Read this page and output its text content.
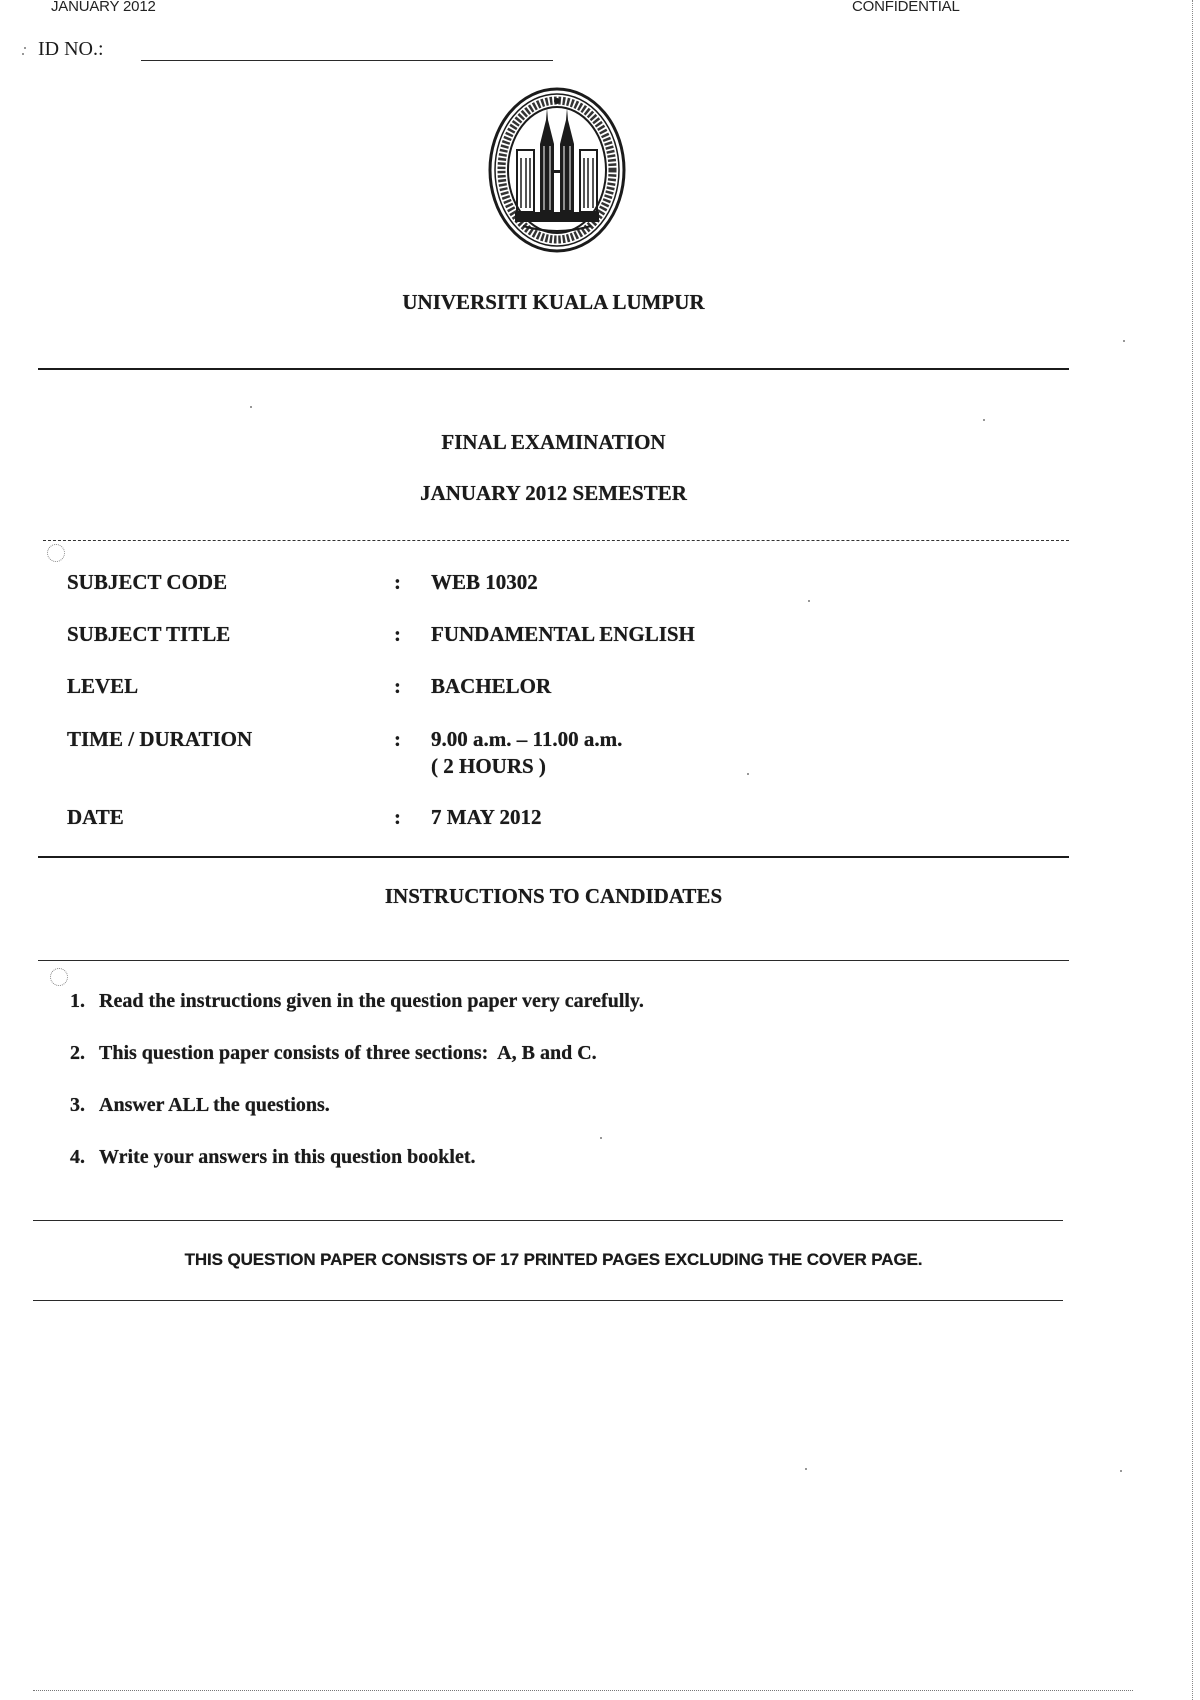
JANUARY 2012	CONFIDENTIAL
ID NO.:
UNIVERSITI KUALA LUMPUR
FINAL EXAMINATION
JANUARY 2012 SEMESTER
SUBJECT CODE	: WEB 10302
SUBJECT TITLE	: FUNDAMENTAL ENGLISH
LEVEL	: BACHELOR
TIME / DURATION	: 9.00 a.m. – 11.00 a.m.
( 2 HOURS )
DATE	: 7 MAY 2012
INSTRUCTIONS TO CANDIDATES
1. Read the instructions given in the question paper very carefully.
2. This question paper consists of three sections:  A, B and C.
3. Answer ALL the questions.
4. Write your answers in this question booklet.
THIS QUESTION PAPER CONSISTS OF 17 PRINTED PAGES EXCLUDING THE COVER PAGE.
